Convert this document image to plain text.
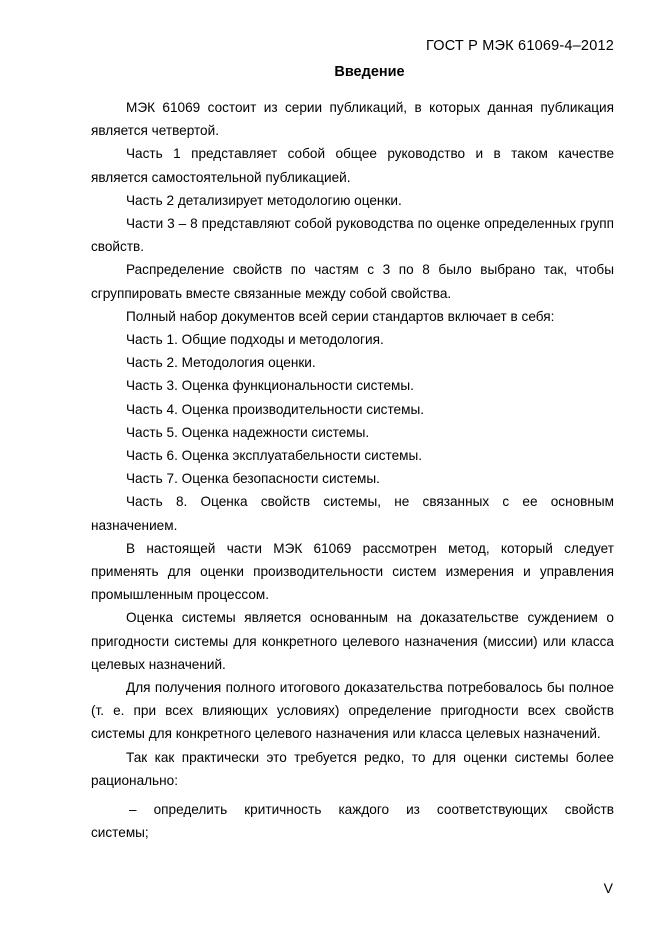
ГОСТ Р МЭК 61069-4–2012
Введение

МЭК 61069 состоит из серии публикаций, в которых данная публикация является четвертой.

Часть 1 представляет собой общее руководство и в таком качестве является самостоятельной публикацией.

Часть 2 детализирует методологию оценки.

Части 3 – 8 представляют собой руководства по оценке определенных групп свойств.

Распределение свойств по частям с 3 по 8 было выбрано так, чтобы сгруппировать вместе связанные между собой свойства.

Полный набор документов всей серии стандартов включает в себя:

Часть 1. Общие подходы и методология.

Часть 2. Методология оценки.

Часть 3. Оценка функциональности системы.

Часть 4. Оценка производительности системы.

Часть 5. Оценка надежности системы.

Часть 6. Оценка эксплуатабельности системы.

Часть 7. Оценка безопасности системы.

Часть 8. Оценка свойств системы, не связанных с ее основным назначением.

В настоящей части МЭК 61069 рассмотрен метод, который следует применять для оценки производительности систем измерения и управления промышленным процессом.

Оценка системы является основанным на доказательстве суждением о пригодности системы для конкретного целевого назначения (миссии) или класса целевых назначений.

Для получения полного итогового доказательства потребовалось бы полное (т. е. при всех влияющих условиях) определение пригодности всех свойств системы для конкретного целевого назначения или класса целевых назначений.

Так как практически это требуется редко, то для оценки системы более рационально:

– определить критичность каждого из соответствующих свойств системы;

V
